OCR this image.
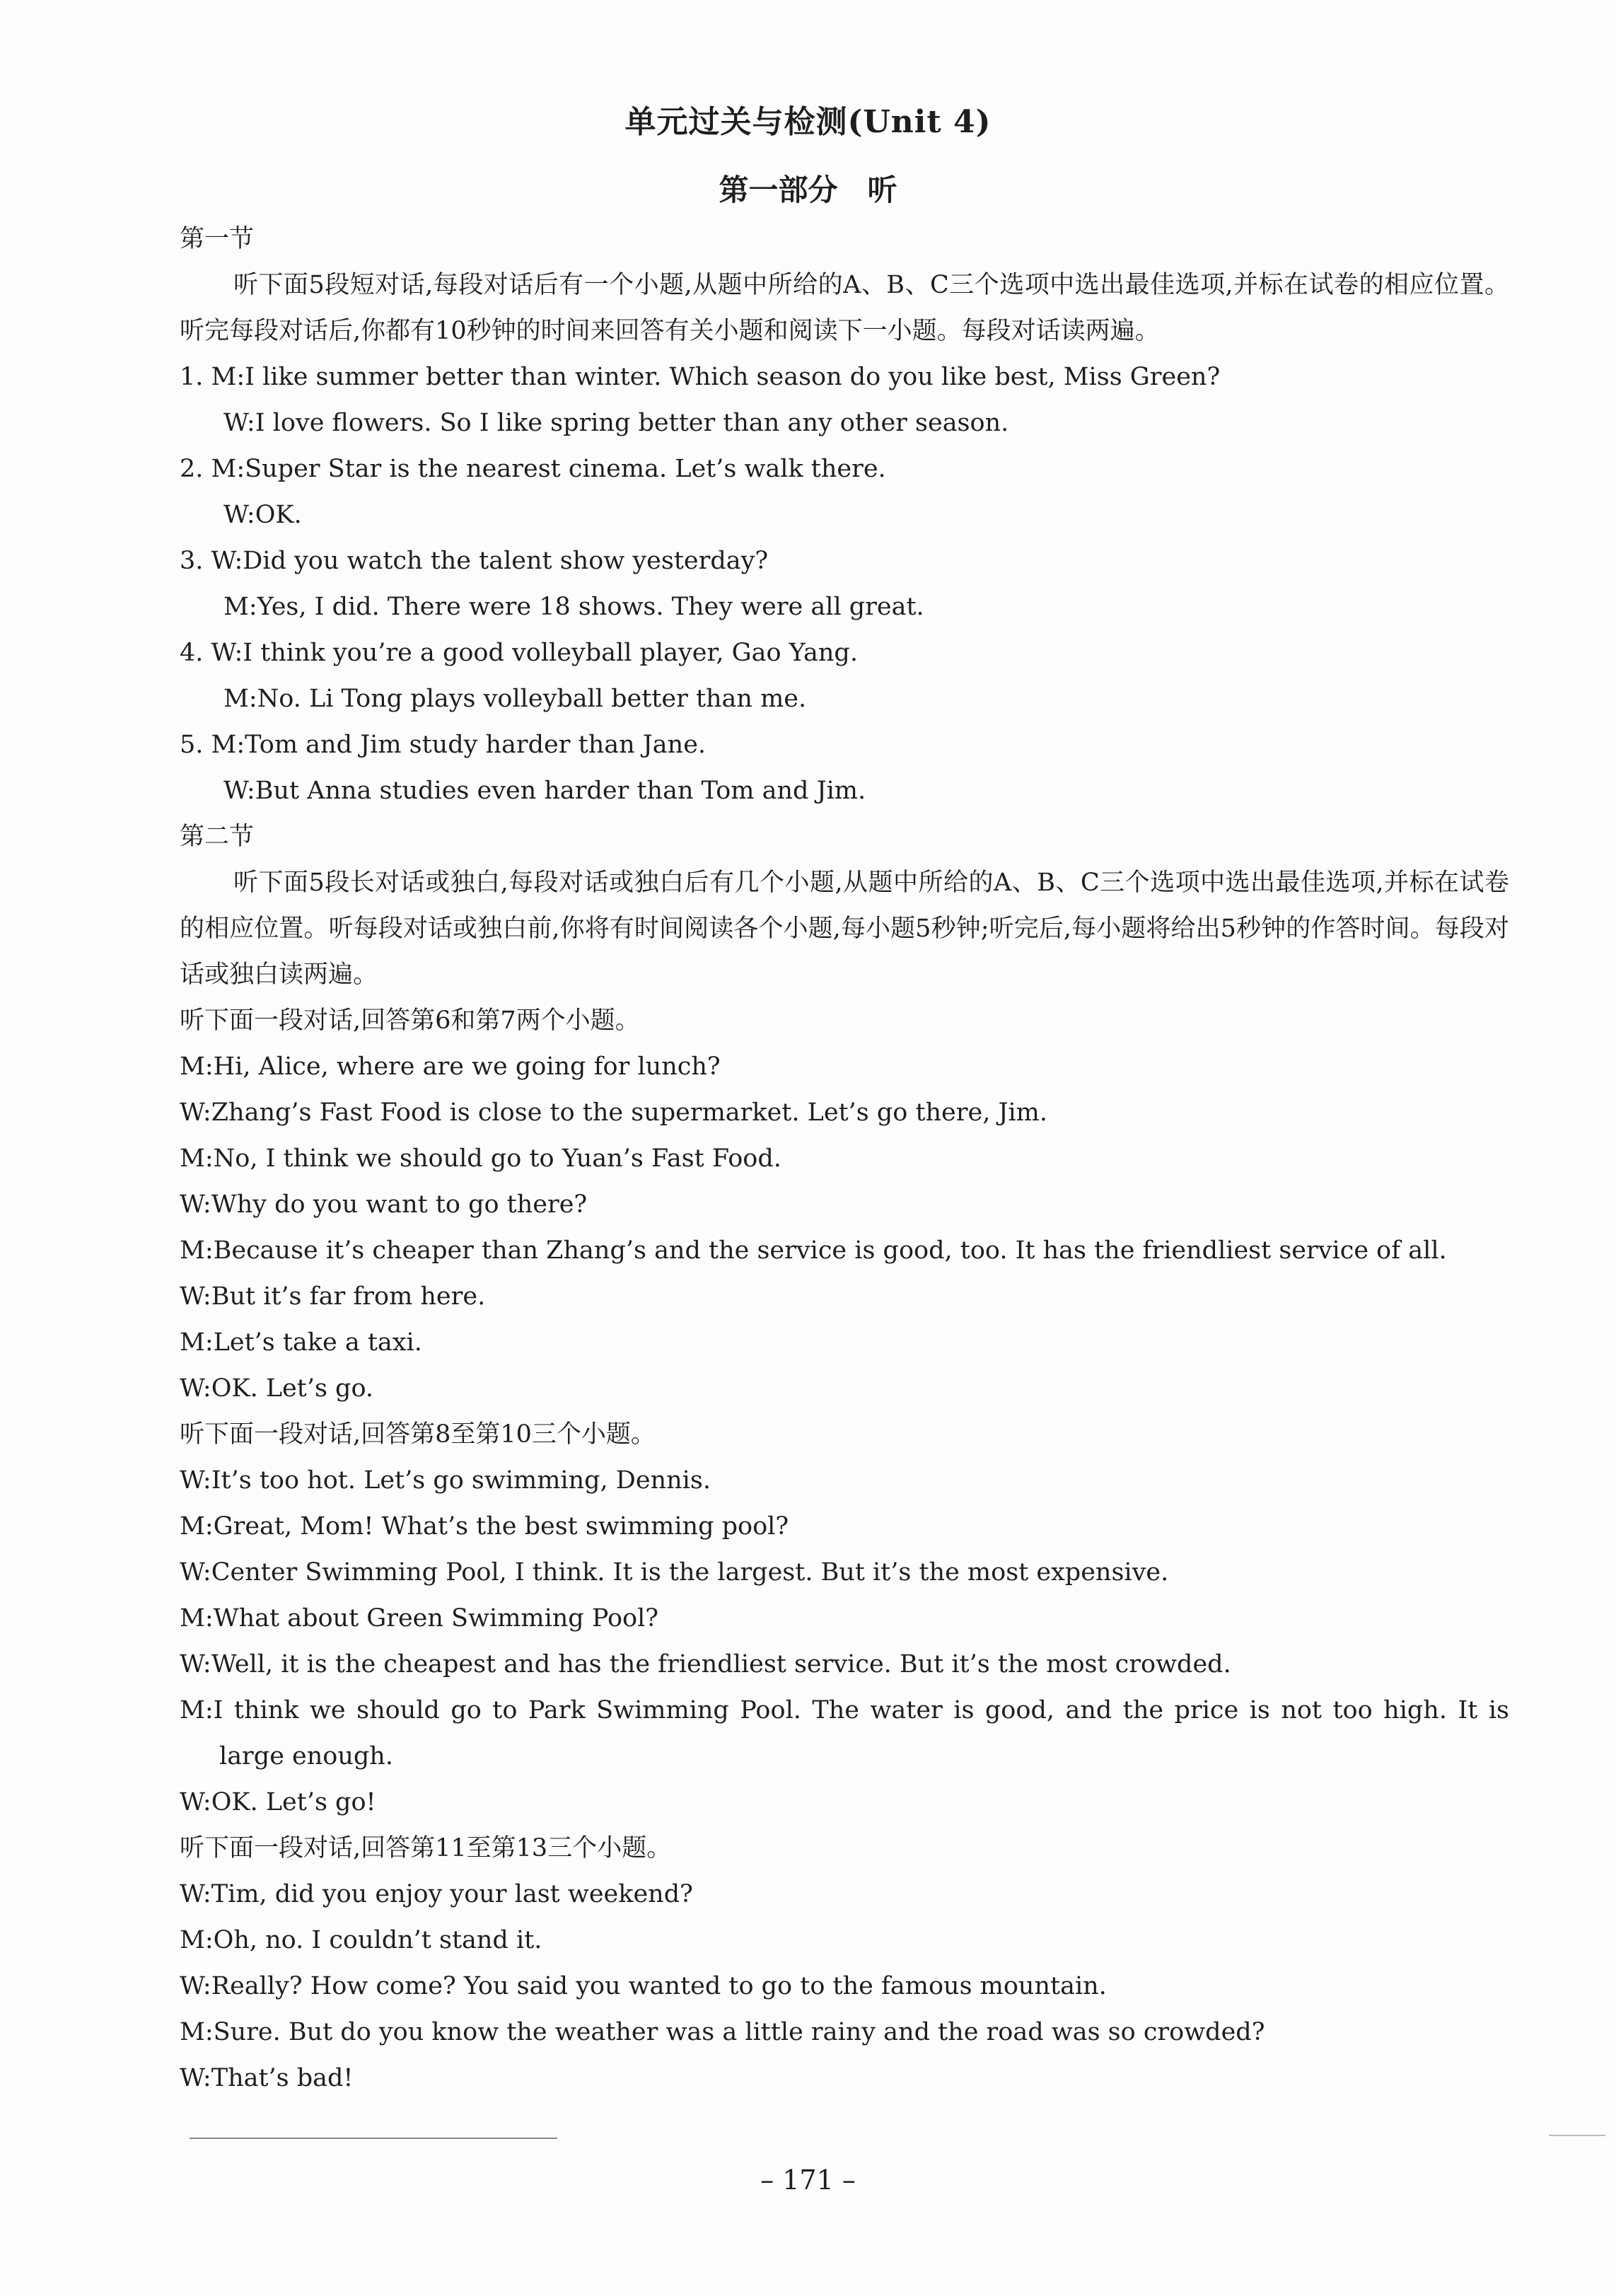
单元过关与检测(Unit 4)
第一部分　听
第一节
听下面5段短对话,每段对话后有一个小题,从题中所给的A、B、C三个选项中选出最佳选项,并标在试卷的相应位置。听完每段对话后,你都有10秒钟的时间来回答有关小题和阅读下一小题。每段对话读两遍。
1. M:I like summer better than winter. Which season do you like best, Miss Green?
W:I love flowers. So I like spring better than any other season.
2. M:Super Star is the nearest cinema. Let’s walk there.
W:OK.
3. W:Did you watch the talent show yesterday?
M:Yes, I did. There were 18 shows. They were all great.
4. W:I think you’re a good volleyball player, Gao Yang.
M:No. Li Tong plays volleyball better than me.
5. M:Tom and Jim study harder than Jane.
W:But Anna studies even harder than Tom and Jim.
第二节
听下面5段长对话或独白,每段对话或独白后有几个小题,从题中所给的A、B、C三个选项中选出最佳选项,并标在试卷的相应位置。听每段对话或独白前,你将有时间阅读各个小题,每小题5秒钟;听完后,每小题将给出5秒钟的作答时间。每段对话或独白读两遍。
听下面一段对话,回答第6和第7两个小题。
M:Hi, Alice, where are we going for lunch?
W:Zhang’s Fast Food is close to the supermarket. Let’s go there, Jim.
M:No, I think we should go to Yuan’s Fast Food.
W:Why do you want to go there?
M:Because it’s cheaper than Zhang’s and the service is good, too. It has the friendliest service of all.
W:But it’s far from here.
M:Let’s take a taxi.
W:OK. Let’s go.
听下面一段对话,回答第8至第10三个小题。
W:It’s too hot. Let’s go swimming, Dennis.
M:Great, Mom! What’s the best swimming pool?
W:Center Swimming Pool, I think. It is the largest. But it’s the most expensive.
M:What about Green Swimming Pool?
W:Well, it is the cheapest and has the friendliest service. But it’s the most crowded.
M:I think we should go to Park Swimming Pool. The water is good, and the price is not too high. It is large enough.
W:OK. Let’s go!
听下面一段对话,回答第11至第13三个小题。
W:Tim, did you enjoy your last weekend?
M:Oh, no. I couldn’t stand it.
W:Really? How come? You said you wanted to go to the famous mountain.
M:Sure. But do you know the weather was a little rainy and the road was so crowded?
W:That’s bad!
– 171 –
